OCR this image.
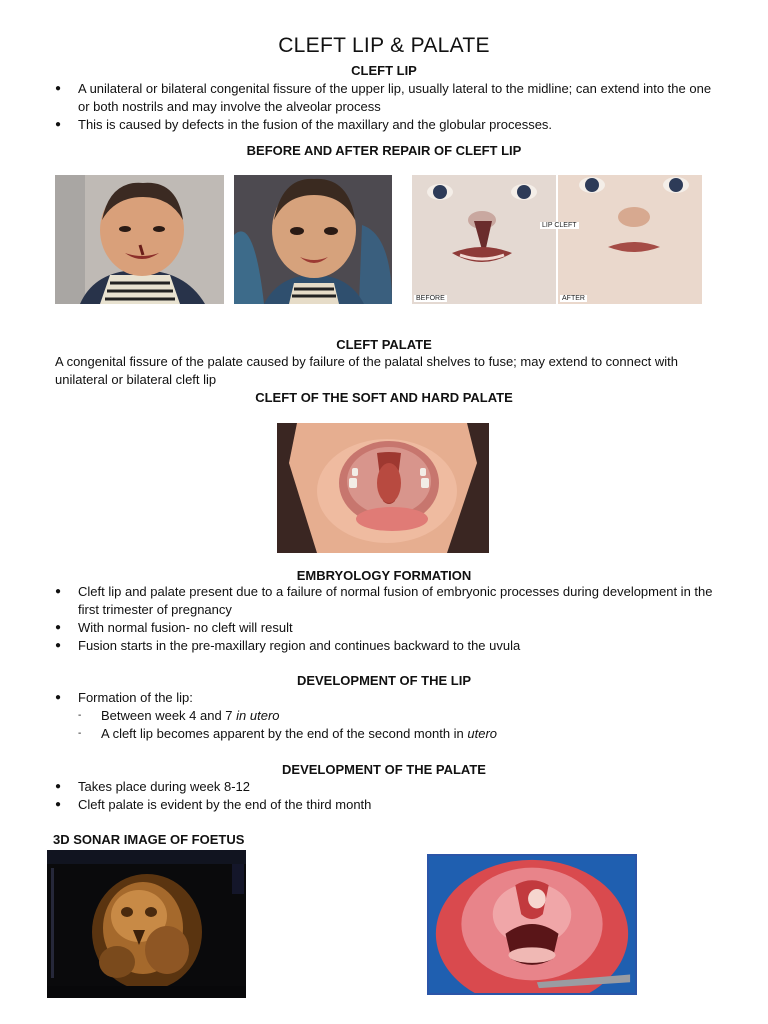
CLEFT LIP & PALATE
CLEFT LIP
● A unilateral or bilateral congenital fissure of the upper lip, usually lateral to the midline; can extend into the one or both nostrils and may involve the alveolar process
● This is caused by defects in the fusion of the maxillary and the globular processes.
BEFORE AND AFTER REPAIR OF CLEFT LIP
BEFORE
LIP CLEFT
AFTER
CLEFT PALATE

A congenital fissure of the palate caused by failure of the palatal shelves to fuse; may extend to connect with unilateral or bilateral cleft lip

CLEFT OF THE SOFT AND HARD PALATE
EMBRYOLOGY FORMATION
● Cleft lip and palate present due to a failure of normal fusion of embryonic processes during development in the first trimester of pregnancy
● With normal fusion- no cleft will result
● Fusion starts in the pre-maxillary region and continues backward to the uvula
DEVELOPMENT OF THE LIP
● Formation of the lip:
- Between week 4 and 7 in utero
- A cleft lip becomes apparent by the end of the second month in utero
DEVELOPMENT OF THE PALATE
● Takes place during week 8-12
● Cleft palate is evident by the end of the third month
3D SONAR IMAGE OF FOETUS
